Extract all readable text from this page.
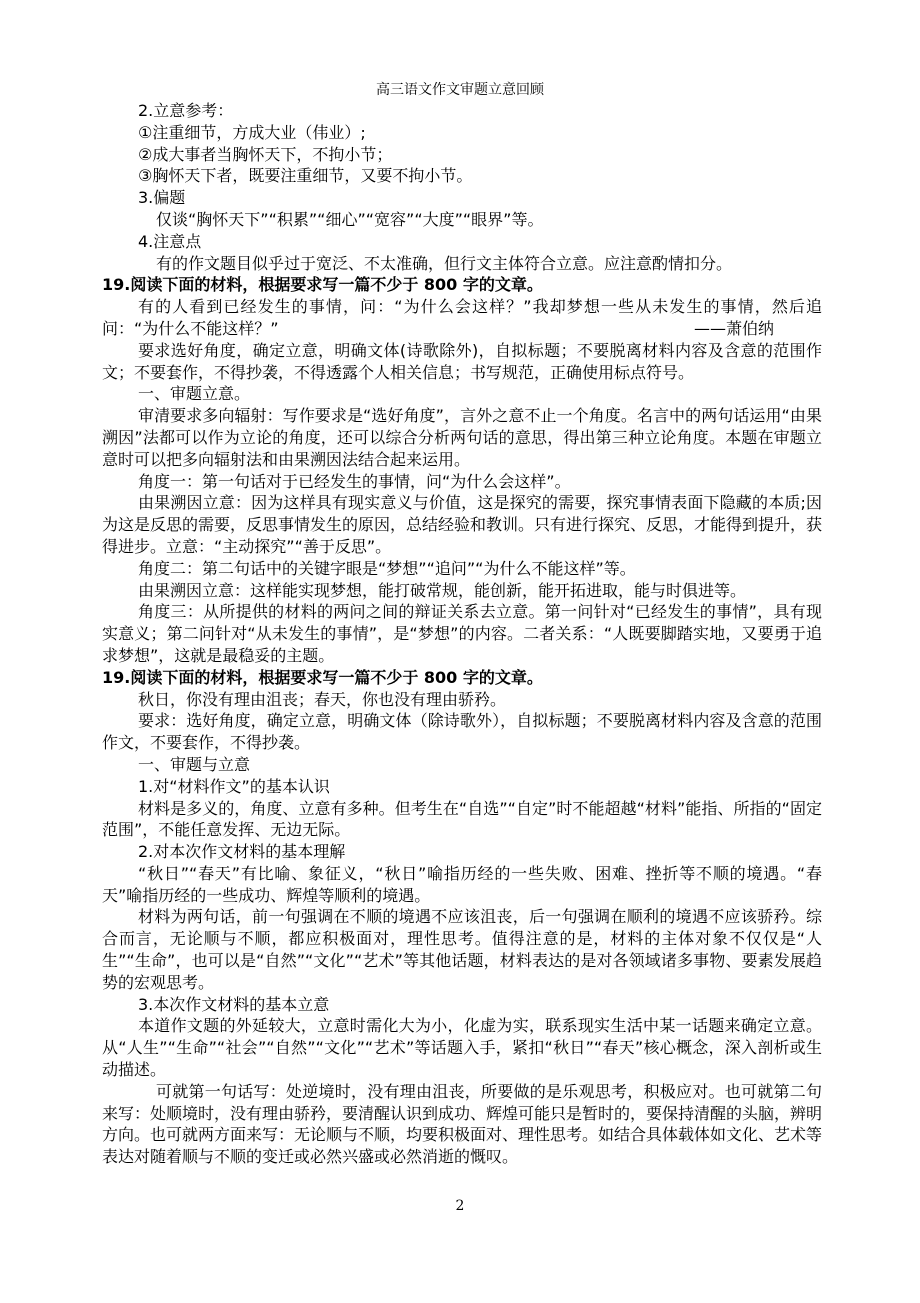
高三语文作文审题立意回顾

2.立意参考：

①注重细节，方成大业（伟业）;

②成大事者当胸怀天下，不拘小节；

③胸怀天下者，既要注重细节，又要不拘小节。

3.偏题

仅谈“胸怀天下”“积累”“细心”“宽容”“大度”“眼界”等。

4.注意点

有的作文题目似乎过于宽泛、不太准确，但行文主体符合立意。应注意酌情扣分。

19.阅读下面的材料，根据要求写一篇不少于 800 字的文章。

有的人看到已经发生的事情，问：“为什么会这样？”我却梦想一些从未发生的事情，然后追问：“为什么不能这样？”	——萧伯纳

要求选好角度，确定立意，明确文体(诗歌除外)，自拟标题；不要脱离材料内容及含意的范围作文；不要套作，不得抄袭，不得透露个人相关信息；书写规范，正确使用标点符号。

一、审题立意。

审清要求多向辐射：写作要求是“选好角度”，言外之意不止一个角度。名言中的两句话运用“由果溯因”法都可以作为立论的角度，还可以综合分析两句话的意思，得出第三种立论角度。本题在审题立意时可以把多向辐射法和由果溯因法结合起来运用。

角度一：第一句话对于已经发生的事情，问“为什么会这样”。

由果溯因立意：因为这样具有现实意义与价值，这是探究的需要，探究事情表面下隐藏的本质;因为这是反思的需要，反思事情发生的原因，总结经验和教训。只有进行探究、反思，才能得到提升，获得进步。立意：“主动探究”“善于反思”。

角度二：第二句话中的关键字眼是“梦想”“追问”“为什么不能这样”等。

由果溯因立意：这样能实现梦想，能打破常规，能创新，能开拓进取，能与时俱进等。

角度三：从所提供的材料的两问之间的辩证关系去立意。第一问针对“已经发生的事情”，具有现实意义；第二问针对“从未发生的事情”，是“梦想”的内容。二者关系：“人既要脚踏实地，又要勇于追求梦想”，这就是最稳妥的主题。

19.阅读下面的材料，根据要求写一篇不少于 800 字的文章。

秋日，你没有理由沮丧；春天，你也没有理由骄矜。

要求：选好角度，确定立意，明确文体（除诗歌外），自拟标题；不要脱离材料内容及含意的范围作文，不要套作，不得抄袭。

一、审题与立意

1.对“材料作文”的基本认识

材料是多义的，角度、立意有多种。但考生在“自选”“自定”时不能超越“材料”能指、所指的“固定范围”，不能任意发挥、无边无际。

2.对本次作文材料的基本理解

“秋日”“春天”有比喻、象征义，“秋日”喻指历经的一些失败、困难、挫折等不顺的境遇。“春天”喻指历经的一些成功、辉煌等顺利的境遇。

材料为两句话，前一句强调在不顺的境遇不应该沮丧，后一句强调在顺利的境遇不应该骄矜。综合而言，无论顺与不顺，都应积极面对，理性思考。值得注意的是，材料的主体对象不仅仅是“人生”“生命”，也可以是“自然”“文化”“艺术”等其他话题，材料表达的是对各领域诸多事物、要素发展趋势的宏观思考。

3.本次作文材料的基本立意

本道作文题的外延较大，立意时需化大为小，化虚为实，联系现实生活中某一话题来确定立意。从“人生”“生命”“社会”“自然”“文化”“艺术”等话题入手，紧扣“秋日”“春天”核心概念，深入剖析或生动描述。

可就第一句话写：处逆境时，没有理由沮丧，所要做的是乐观思考，积极应对。也可就第二句来写：处顺境时，没有理由骄矜，要清醒认识到成功、辉煌可能只是暂时的，要保持清醒的头脑，辨明方向。也可就两方面来写：无论顺与不顺，均要积极面对、理性思考。如结合具体载体如文化、艺术等表达对随着顺与不顺的变迁或必然兴盛或必然消逝的慨叹。

2
